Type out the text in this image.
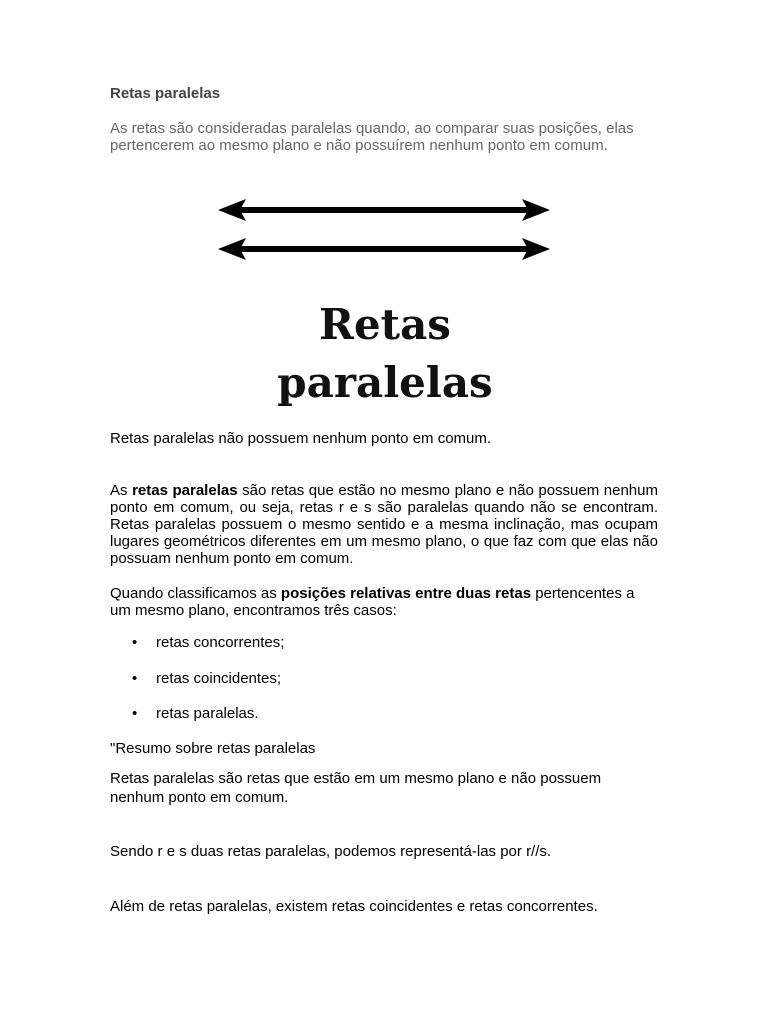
Retas paralelas
As retas são consideradas paralelas quando, ao comparar suas posições, elas pertencerem ao mesmo plano e não possuírem nenhum ponto em comum.
Retas
paralelas
Retas paralelas não possuem nenhum ponto em comum.
As retas paralelas são retas que estão no mesmo plano e não possuem nenhum ponto em comum, ou seja, retas r e s são paralelas quando não se encontram. Retas paralelas possuem o mesmo sentido e a mesma inclinação, mas ocupam lugares geométricos diferentes em um mesmo plano, o que faz com que elas não possuam nenhum ponto em comum.
Quando classificamos as posições relativas entre duas retas pertencentes a um mesmo plano, encontramos três casos:
• retas concorrentes;
• retas coincidentes;
• retas paralelas.
"Resumo sobre retas paralelas
Retas paralelas são retas que estão em um mesmo plano e não possuem nenhum ponto em comum.
Sendo r e s duas retas paralelas, podemos representá-las por r//s.
Além de retas paralelas, existem retas coincidentes e retas concorrentes.
